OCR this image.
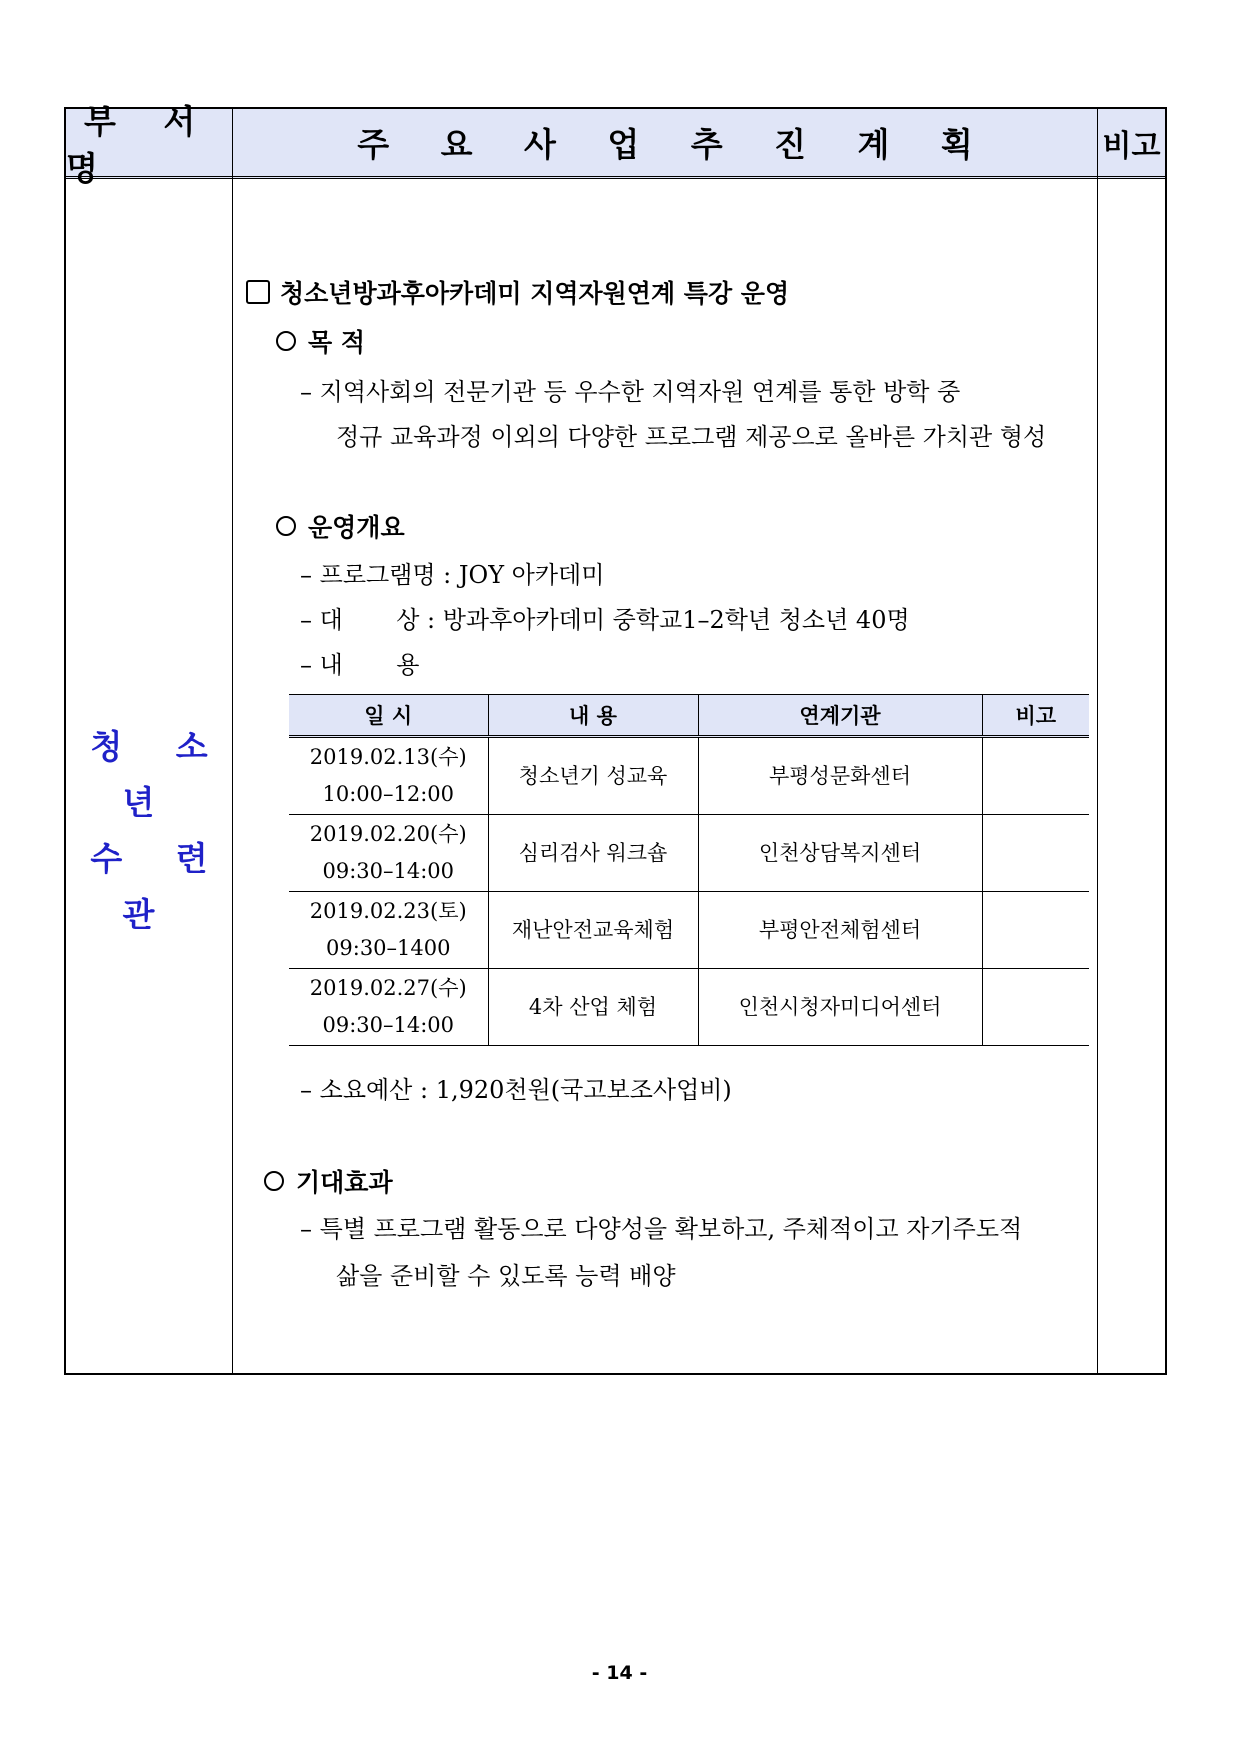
부 서 명
주 요 사 업 추 진 계 획	비고
청 소 년
수 련 관
청소년방과후아카데미 지역자원연계 특강 운영
목 적
– 지역사회의 전문기관 등 우수한 지역자원 연계를 통한 방학 중
정규 교육과정 이외의 다양한 프로그램 제공으로 올바른 가치관 형성
운영개요
– 프로그램명 : JOY 아카데미
– 대       상 : 방과후아카데미 중학교1–2학년 청소년 40명
– 내       용
일 시	내 용	연계기관	비고

2019.02.13(수)
10:00–12:00	청소년기 성교육	부평성문화센터	

2019.02.20(수)
09:30–14:00	심리검사 워크숍	인천상담복지센터	

2019.02.23(토)
09:30–1400	재난안전교육체험	부평안전체험센터	

2019.02.27(수)
09:30–14:00	4차 산업 체험	인천시청자미디어센터	
– 소요예산 : 1,920천원(국고보조사업비)
기대효과
– 특별 프로그램 활동으로 다양성을 확보하고, 주체적이고 자기주도적
삶을 준비할 수 있도록 능력 배양
- 14 -
